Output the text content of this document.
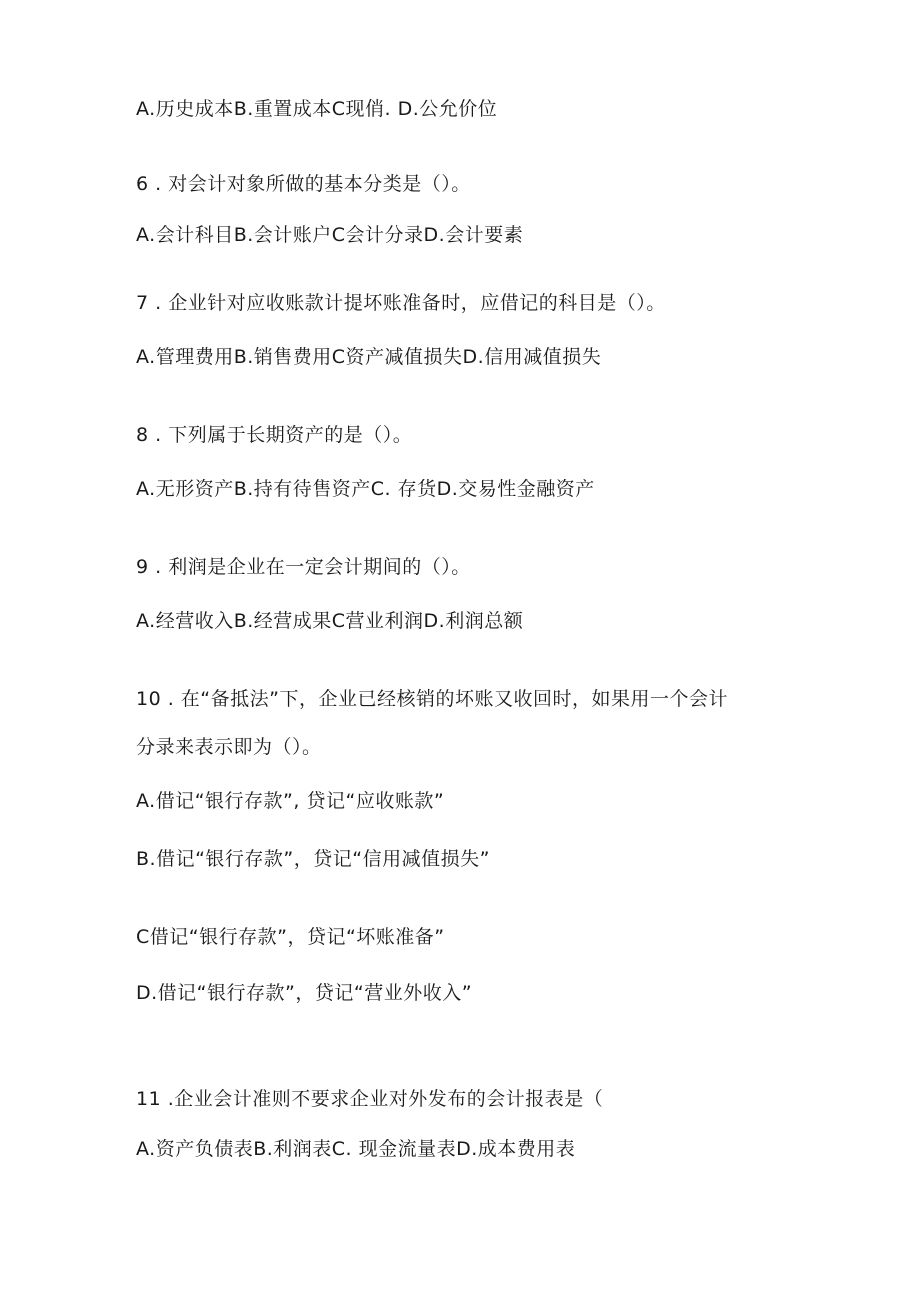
A.历史成本B.重置成本C现俏. D.公允价位
6 . 对会计对象所做的基本分类是（）。
A.会计科目B.会计账户C会计分录D.会计要素
7 . 企业针对应收账款计提坏账准备时，应借记的科目是（）。
A.管理费用B.销售费用C资产减值损失D.信用减值损失
8 . 下列属于长期资产的是（）。
A.无形资产B.持有待售资产C. 存货D.交易性金融资产
9 . 利润是企业在一定会计期间的（）。
A.经营收入B.经营成果C营业利润D.利润总额
10 . 在“备抵法”下，企业已经核销的坏账又收回时，如果用一个会计
分录来表示即为（）。
A.借记“银行存款”, 贷记“应收账款”
B.借记“银行存款”，贷记“信用减值损失”
C借记“银行存款”，贷记“坏账准备”
D.借记“银行存款”，贷记“营业外收入”
11 .企业会计准则不要求企业对外发布的会计报表是（
A.资产负债表B.利润表C. 现金流量表D.成本费用表
